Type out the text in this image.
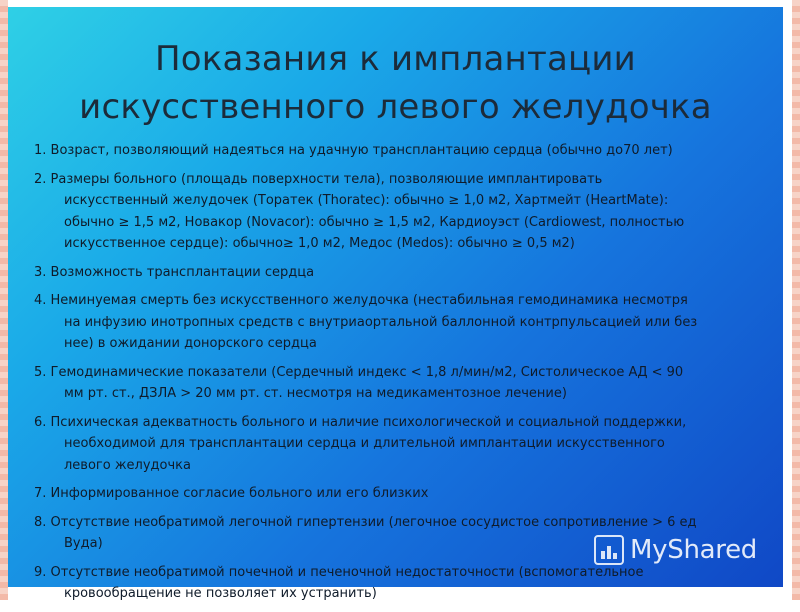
Показания к имплантации
искусственного левого желудочка
1. Возраст, позволяющий надеяться на удачную трансплантацию сердца (обычно до70 лет)
2. Размеры больного (площадь поверхности тела), позволяющие имплантировать
искусственный желудочек (Торатек (Thoratec): обычно ≥ 1,0 м2, Хартмейт (HeartMate):
обычно ≥ 1,5 м2, Новакор (Novacor): обычно ≥ 1,5 м2, Кардиоуэст (Cardiowest, полностью
искусственное сердце): обычно≥ 1,0 м2, Медос (Medos): обычно ≥ 0,5 м2)
3. Возможность трансплантации сердца
4. Неминуемая смерть без искусственного желудочка (нестабильная гемодинамика несмотря
на инфузию инотропных средств с внутриаортальной баллонной контрпульсацией или без
нее) в ожидании донорского сердца
5. Гемодинамические показатели (Сердечный индекс < 1,8 л/мин/м2, Систолическое АД < 90
мм рт. ст., ДЗЛА > 20 мм рт. ст. несмотря на медикаментозное лечение)
6. Психическая адекватность больного и наличие психологической и социальной поддержки,
необходимой для трансплантации сердца и длительной имплантации искусственного
левого желудочка
7. Информированное согласие больного или его близких
8. Отсутствие необратимой легочной гипертензии (легочное сосудистое сопротивление > 6 ед
Вуда)
9. Отсутствие необратимой почечной и печеночной недостаточности (вспомогательное
кровообращение не позволяет их устранить)
MyShared
